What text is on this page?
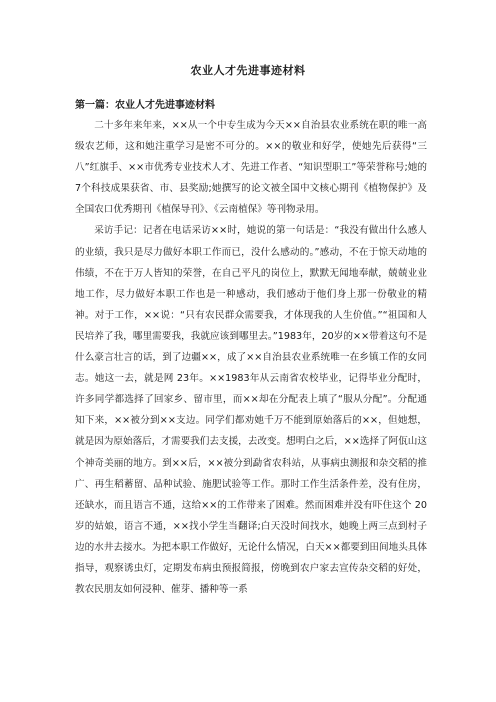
农业人才先进事迹材料
第一篇：农业人才先进事迹材料

二十多年来年来，××从一个中专生成为今天××自治县农业系统在职的唯一高级农艺师，这和她注重学习是密不可分的。××的敬业和好学，使她先后获得“三八”红旗手、××市优秀专业技术人才、先进工作者、“知识型职工”等荣誉称号;她的7个科技成果获省、市、县奖励;她撰写的论文被全国中文核心期刊《植物保护》及全国农口优秀期刊《植保导刊》、《云南植保》等刊物录用。

采访手记：记者在电话采访××时，她说的第一句话是：“我没有做出什么感人的业绩，我只是尽力做好本职工作而已，没什么感动的。”感动，不在于惊天动地的伟绩，不在于万人皆知的荣誉，在自己平凡的岗位上，默默无闻地奉献，兢兢业业地工作，尽力做好本职工作也是一种感动，我们感动于他们身上那一份敬业的精神。对于工作，××说：“只有农民群众需要我，才体现我的人生价值。”“祖国和人民培养了我，哪里需要我，我就应该到哪里去。”1983年，20岁的××带着这句不是什么豪言壮言的话，到了边疆××，成了××自治县农业系统唯一在乡镇工作的女同志。她这一去，就是网 23年。××1983年从云南省农校毕业，记得毕业分配时，许多同学都选择了回家乡、留市里，而××却在分配表上填了“服从分配”。分配通知下来，××被分到××支边。同学们都劝她千万不能到原始落后的××，但她想，就是因为原始落后，才需要我们去支援，去改变。想明白之后，××选择了阿佤山这个神奇美丽的地方。到××后，××被分到勐省农科站，从事病虫测报和杂交稻的推广、再生稻蓄留、品种试验、施肥试验等工作。那时工作生活条件差，没有住房，还缺水，而且语言不通，这给××的工作带来了困难。然而困难并没有吓住这个 20 岁的姑娘，语言不通，××找小学生当翻译;白天没时间找水，她晚上两三点到村子边的水井去接水。为把本职工作做好，无论什么情况，白天××都要到田间地头具体指导，观察诱虫灯，定期发布病虫预报简报，傍晚到农户家去宣传杂交稻的好处，教农民朋友如何浸种、催芽、播种等一系
